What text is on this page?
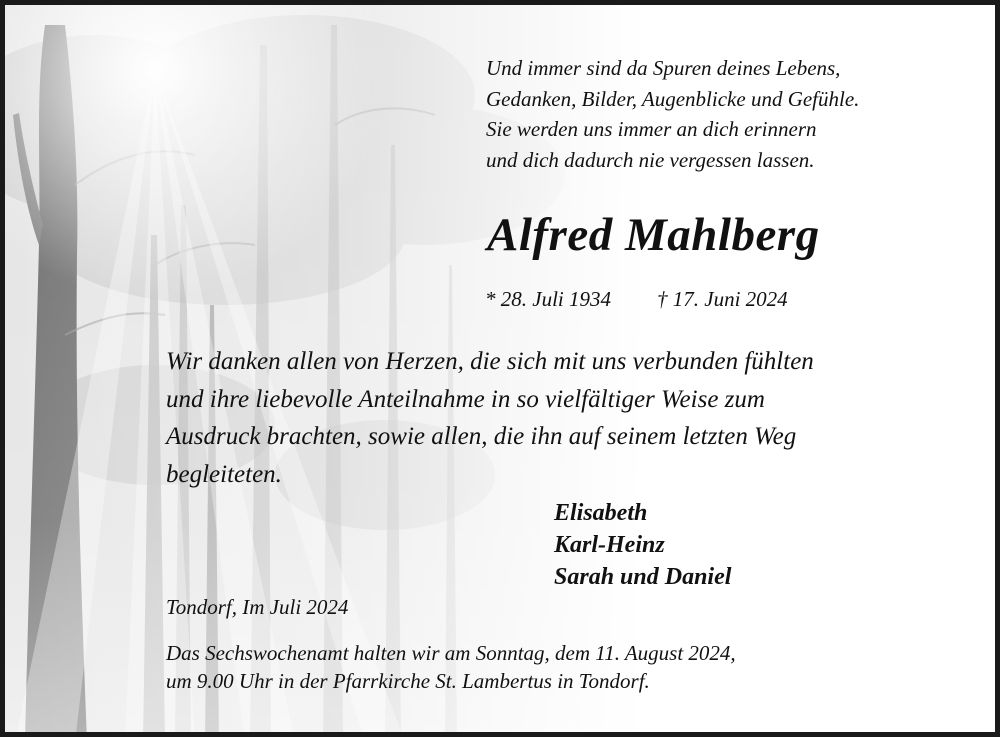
Und immer sind da Spuren deines Lebens,
Gedanken, Bilder, Augenblicke und Gefühle.
Sie werden uns immer an dich erinnern
und dich dadurch nie vergessen lassen.
Alfred Mahlberg
* 28. Juli 1934 † 17. Juni 2024
Wir danken allen von Herzen, die sich mit uns verbunden fühlten
und ihre liebevolle Anteilnahme in so vielfältiger Weise zum
Ausdruck brachten, sowie allen, die ihn auf seinem letzten Weg
begleiteten.
Elisabeth
Karl-Heinz
Sarah und Daniel
Tondorf, Im Juli 2024
Das Sechswochenamt halten wir am Sonntag, dem 11. August 2024,
um 9.00 Uhr in der Pfarrkirche St. Lambertus in Tondorf.
